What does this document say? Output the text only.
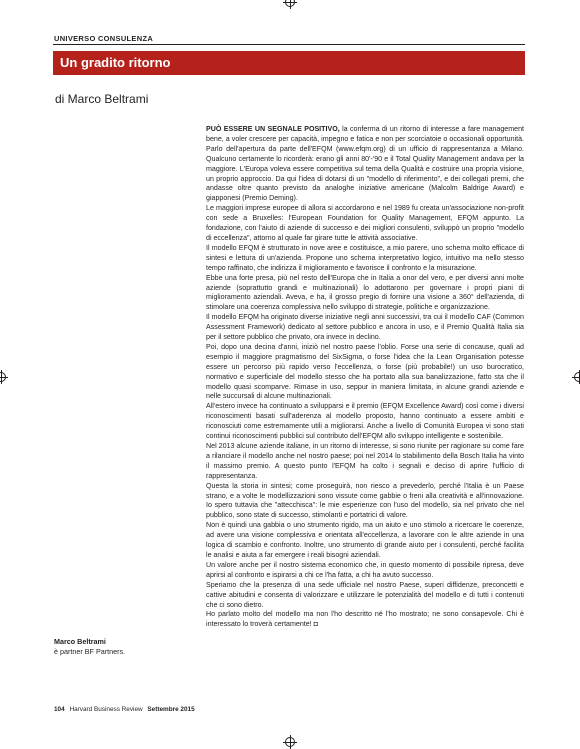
UNIVERSO CONSULENZA
Un gradito ritorno
di Marco Beltrami

PUÒ ESSERE UN SEGNALE POSITIVO, la conferma di un ritorno di interesse a fare management bene, a voler crescere per capacità, impegno e fatica e non per scorciatoie o occasionali opportunità. Parlo dell'apertura da parte dell'EFQM (www.efqm.org) di un ufficio di rappresentanza a Milano. Qualcuno certamente lo ricorderà: erano gli anni 80'-'90 e il Total Quality Management andava per la maggiore. L'Europa voleva essere competitiva sul tema della Qualità e costruire una propria visione, un proprio approccio. Da qui l'idea di dotarsi di un "modello di riferimento", e dei collegati premi, che andasse oltre quanto previsto da analoghe iniziative americane (Malcolm Baldrige Award) e giapponesi (Premio Deming).

Le maggiori imprese europee di allora si accordarono e nel 1989 fu creata un'associazione non-profit con sede a Bruxelles: l'European Foundation for Quality Management, EFQM appunto. La fondazione, con l'aiuto di aziende di successo e dei migliori consulenti, sviluppò un proprio "modello di eccellenza", attorno al quale far girare tutte le attività associative.

Il modello EFQM è strutturato in nove aree e costituisce, a mio parere, uno schema molto efficace di sintesi e lettura di un'azienda. Propone uno schema interpretativo logico, intuitivo ma nello stesso tempo raffinato, che indirizza il miglioramento e favorisce il confronto e la misurazione.

Ebbe una forte presa, più nel resto dell'Europa che in Italia a onor del vero, e per diversi anni molte aziende (soprattutto grandi e multinazionali) lo adottarono per governare i propri piani di miglioramento aziendali. Aveva, e ha, il grosso pregio di fornire una visione a 360° dell'azienda, di stimolare una coerenza complessiva nello sviluppo di strategie, politiche e organizzazione.

Il modello EFQM ha originato diverse iniziative negli anni successivi, tra cui il modello CAF (Common Assessment Framework) dedicato al settore pubblico e ancora in uso, e il Premio Qualità Italia sia per il settore pubblico che privato, ora invece in declino.

Poi, dopo una decina d'anni, iniziò nel nostro paese l'oblio. Forse una serie di concause, quali ad esempio il maggiore pragmatismo del SixSigma, o forse l'idea che la Lean Organisation potesse essere un percorso più rapido verso l'eccellenza, o forse (più probabile!) un uso burocratico, normativo e superficiale del modello stesso che ha portato alla sua banalizzazione, fatto sta che il modello quasi scomparve. Rimase in uso, seppur in maniera limitata, in alcune grandi aziende e nelle succursali di alcune multinazionali.

All'estero invece ha continuato a svilupparsi e il premio (EFQM Excellence Award) così come i diversi riconoscimenti basati sull'aderenza al modello proposto, hanno continuato a essere ambiti e riconosciuti come estremamente utili a migliorarsi. Anche a livello di Comunità Europea vi sono stati continui riconoscimenti pubblici sul contributo dell'EFQM allo sviluppo intelligente e sostenibile.

Nel 2013 alcune aziende italiane, in un ritorno di interesse, si sono riunite per ragionare su come fare a rilanciare il modello anche nel nostro paese; poi nel 2014 lo stabilimento della Bosch Italia ha vinto il massimo premio. A questo punto l'EFQM ha colto i segnali e deciso di aprire l'ufficio di rappresentanza.

Questa la storia in sintesi; come proseguirà, non riesco a prevederlo, perché l'Italia è un Paese strano, e a volte le modellizzazioni sono vissute come gabbie o freni alla creatività e all'innovazione. Io spero tuttavia che "attecchisca": le mie esperienze con l'uso del modello, sia nel privato che nel pubblico, sono state di successo, stimolanti e portatrici di valore.

Non è quindi una gabbia o uno strumento rigido, ma un aiuto e uno stimolo a ricercare le coerenze, ad avere una visione complessiva e orientata all'eccellenza, a lavorare con le altre aziende in una logica di scambio e confronto. Inoltre, uno strumento di grande aiuto per i consulenti, perché facilita le analisi e aiuta a far emergere i reali bisogni aziendali.

Un valore anche per il nostro sistema economico che, in questo momento di possibile ripresa, deve aprirsi al confronto e ispirarsi a chi ce l'ha fatta, a chi ha avuto successo.

Speriamo che la presenza di una sede ufficiale nel nostro Paese, superi diffidenze, preconcetti e cattive abitudini e consenta di valorizzare e utilizzare le potenzialità del modello e di tutti i contenuti che ci sono dietro.

Ho parlato molto del modello ma non l'ho descritto né l'ho mostrato; ne sono consapevole. Chi è interessato lo troverà certamente! ◘

Marco Beltrami
è partner BF Partners.
104 Harvard Business Review Settembre 2015
